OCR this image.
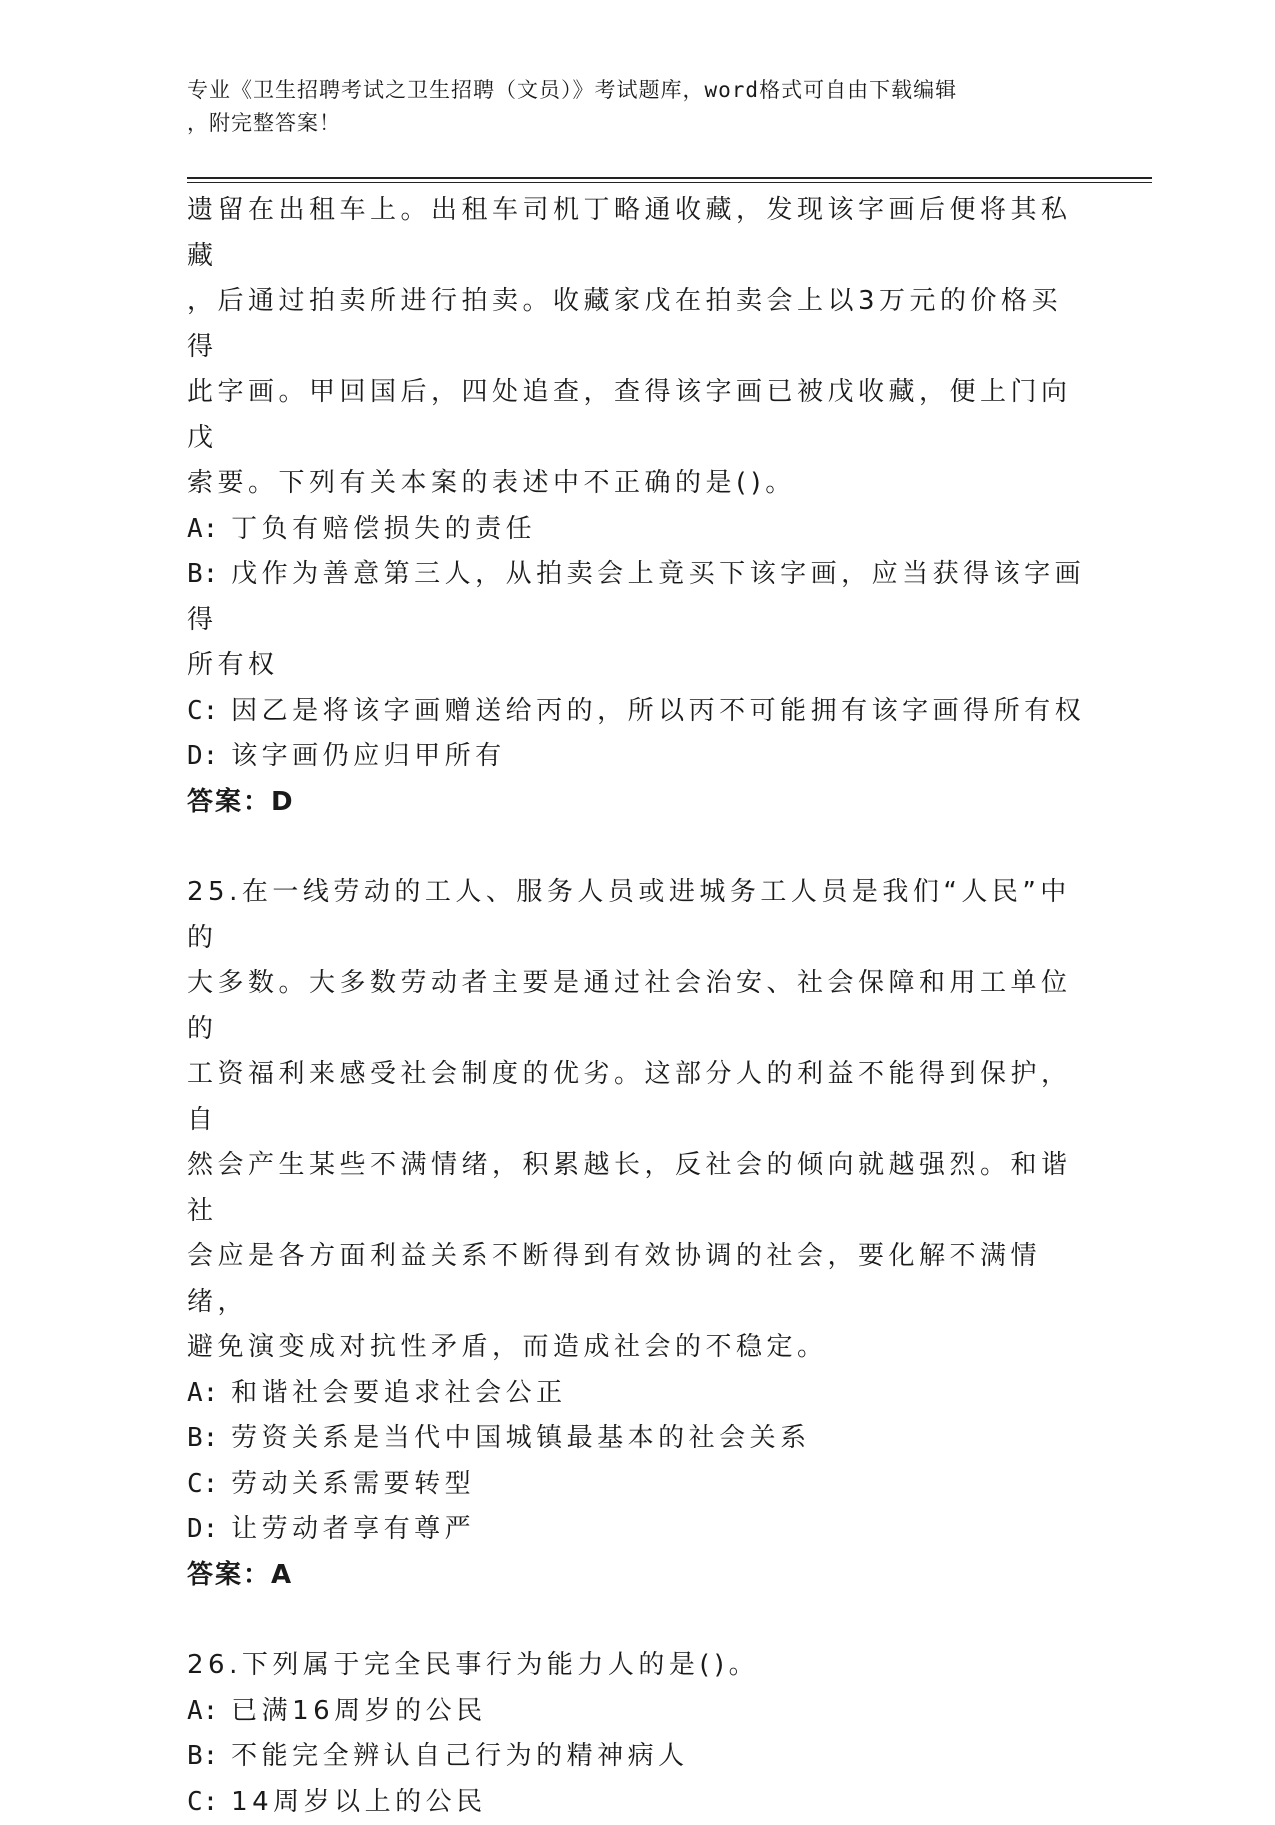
专业《卫生招聘考试之卫生招聘（文员）》考试题库，word格式可自由下载编辑
，附完整答案！

遗留在出租车上。出租车司机丁略通收藏，发现该字画后便将其私藏

，后通过拍卖所进行拍卖。收藏家戊在拍卖会上以3万元的价格买得

此字画。甲回国后，四处追查，查得该字画已被戊收藏，便上门向戊

索要。下列有关本案的表述中不正确的是()。

A: 丁负有赔偿损失的责任

B: 戊作为善意第三人，从拍卖会上竟买下该字画，应当获得该字画得

所有权

C: 因乙是将该字画赠送给丙的，所以丙不可能拥有该字画得所有权

D: 该字画仍应归甲所有

答案：D

25.在一线劳动的工人、服务人员或进城务工人员是我们“人民”中的

大多数。大多数劳动者主要是通过社会治安、社会保障和用工单位的

工资福利来感受社会制度的优劣。这部分人的利益不能得到保护，自

然会产生某些不满情绪，积累越长，反社会的倾向就越强烈。和谐社

会应是各方面利益关系不断得到有效协调的社会，要化解不满情绪，

避免演变成对抗性矛盾，而造成社会的不稳定。

A: 和谐社会要追求社会公正

B: 劳资关系是当代中国城镇最基本的社会关系

C: 劳动关系需要转型

D: 让劳动者享有尊严

答案：A

26.下列属于完全民事行为能力人的是()。

A: 已满16周岁的公民

B: 不能完全辨认自己行为的精神病人

C: 14周岁以上的公民
